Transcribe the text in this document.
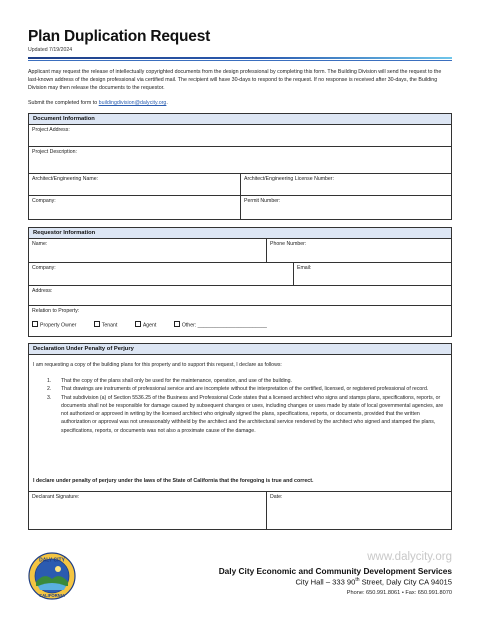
Plan Duplication Request
Updated 7/19/2024
Applicant may request the release of intellectually copyrighted documents from the design professional by completing this form. The Building Division will send the request to the last-known address of the design professional via certified mail. The recipient will have 30-days to respond to the request. If no response is received after 30-days, the Building Division may then release the documents to the requestor.
Submit the completed form to buildingdivision@dalycity.org.
Document Information
Project Address:
Project Description:
Architect/Engineering Name:	Architect/Engineering License Number:
Company:	Permit Number:
Requestor Information
Name:	Phone Number:
Company:	Email:
Address:
Relation to Property:
Property Owner	Tenant	Agent	Other: ________________________
Declaration Under Penalty of Perjury
I am requesting a copy of the building plans for this property and to support this request, I declare as follows:
1. That the copy of the plans shall only be used for the maintenance, operation, and use of the building.
2. That drawings are instruments of professional service and are incomplete without the interpretation of the certified, licensed, or registered professional of record.
3. That subdivision (a) of Section 5536.25 of the Business and Professional Code states that a licensed architect who signs and stamps plans, specifications, reports, or documents shall not be responsible for damage caused by subsequent changes or uses, including changes or uses made by state of local governmental agencies, are not authorized or approved in writing by the licensed architect who originally signed the plans, specifications, reports, or documents, provided that the written authorization or approval was not unreasonably withheld by the architect and the architectural service rendered by the architect who signed and stamped the plans, specifications, reports, or documents was not also a proximate cause of the damage.
I declare under penalty of perjury under the laws of the State of California that the foregoing is true and correct.
Declarant Signature:	Date:
DALY CITY
CALIFORNIA
www.dalycity.org
Daly City Economic and Community Development Services
City Hall – 333 90th Street, Daly City CA 94015
Phone: 650.991.8061 • Fax: 650.991.8070
